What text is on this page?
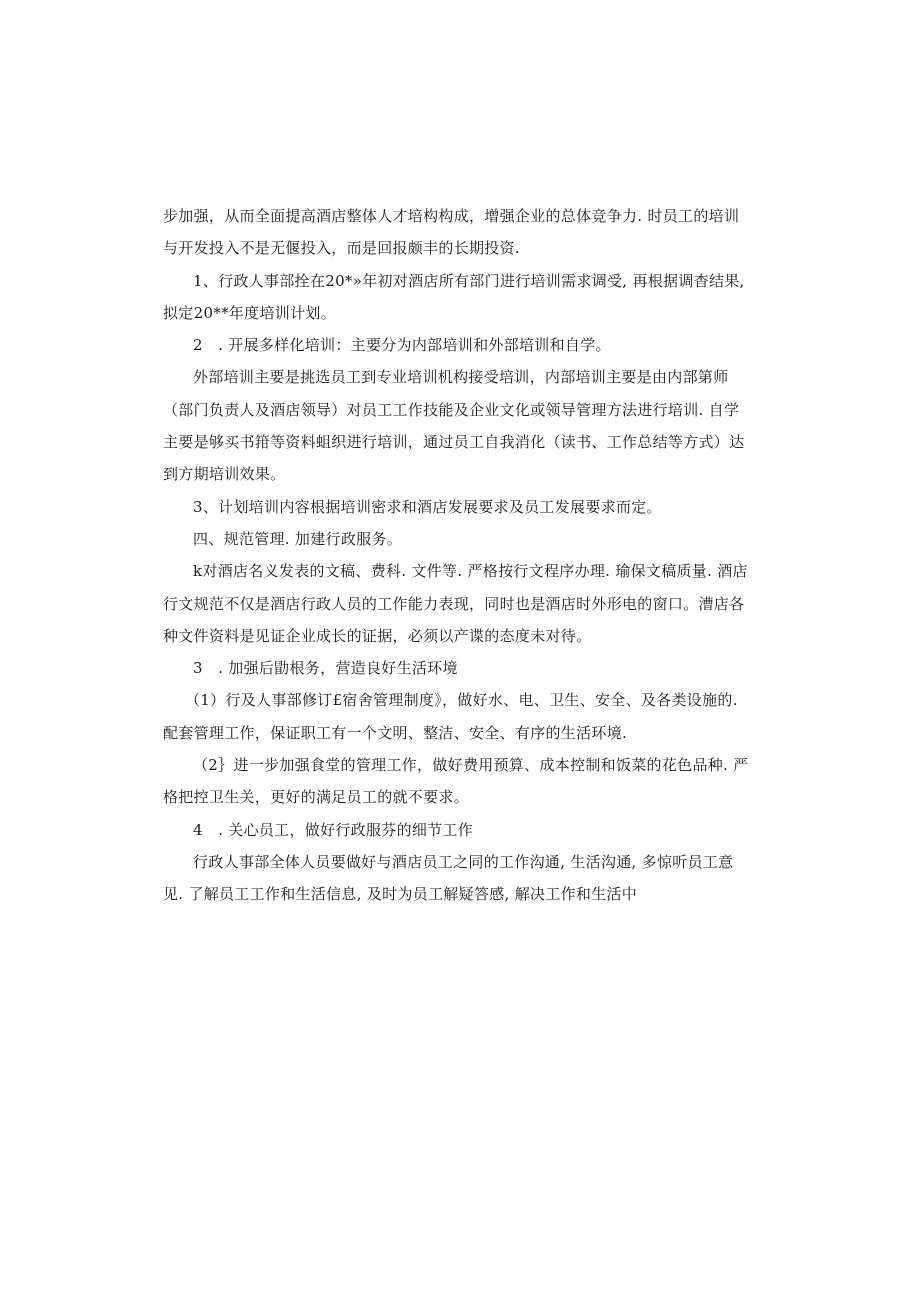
步加强，从而全面提高酒店整体人才培构构成，增强企业的总体竞争力. 时员工的培训
与开发投入不是无偃投入，而是回报颇丰的长期投资.

1、行政人事部拴在20*»年初对酒店所有部门进行培训需求调受, 再根据调杳结果,
拟定20**年度培训计划。

2　. 开展多样化培训：主要分为内部培训和外部培训和自学。

外部培训主要是挑选员工到专业培训机构接受培训，内部培训主要是由内部第师
（部门负责人及酒店领导）对员工工作技能及企业文化或领导管理方法进行培训. 自学
主要是够买书箝等资料蛆织进行培训，通过员工自我消化（读书、工作总结等方式）达
到方期培训效果。

3、计划培训内容根据培训密求和酒店发展要求及员工发展要求而定。

四、规范管理. 加建行政服务。

k对酒店名义发表的文稿、费科. 文件等. 严格按行文程序办理. 瑜保文稿质量. 酒店
行文规范不仅是酒店行政人员的工作能力表现，同时也是酒店时外形电的窗口。漕店各
种文件资料是见证企业成长的证据，必须以产谍的态度未对待。

3　. 加强后勖根务，营造良好生活环境

（1）行及人事部修订£宿舍管理制度》，做好水、电、卫生、安全、及各类设施的.
配套管理工作，保证职工有一个文明、整洁、安全、有序的生活环境.

（2｝进一步加强食堂的管理工作，做好费用预算、成本控制和饭菜的花色品种. 严
格把控卫生关，更好的满足员工的就不要求。

4　. 关心员工，做好行政服芬的细节工作

行政人事部全体人员要做好与酒店员工之同的工作沟通, 生活沟通, 多惊听员工意
见. 了解员工工作和生活信息, 及时为员工解疑答感, 解决工作和生活中
